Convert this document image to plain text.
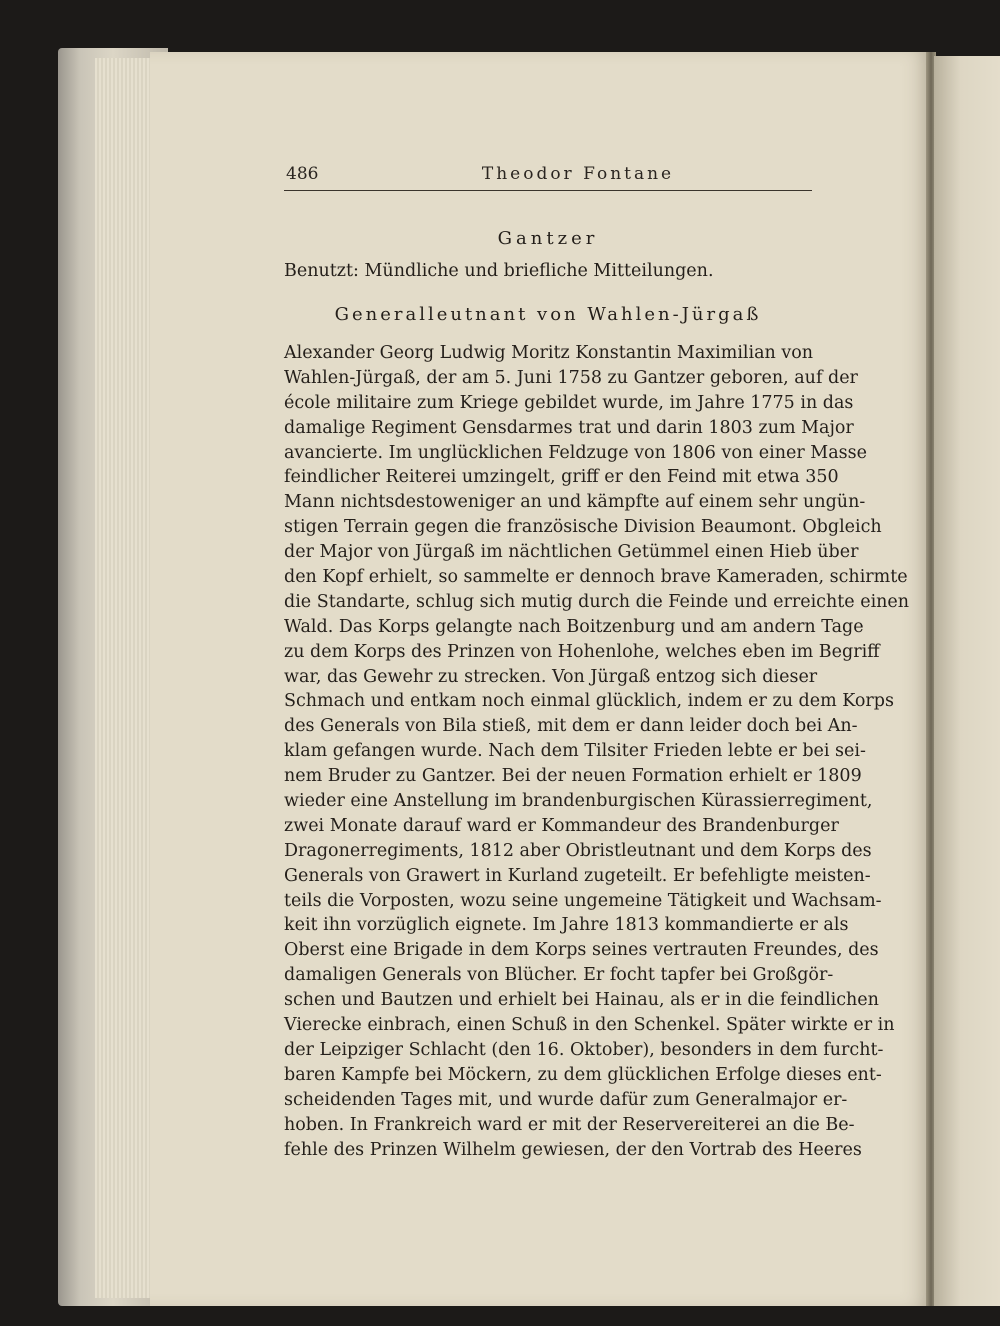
486	Theodor Fontane

Gantzer

Benutzt: Mündliche und briefliche Mitteilungen.

Generalleutnant von Wahlen-Jürgaß

Alexander Georg Ludwig Moritz Konstantin Maximilian von
Wahlen-Jürgaß, der am 5. Juni 1758 zu Gantzer geboren, auf der
école militaire zum Kriege gebildet wurde, im Jahre 1775 in das
damalige Regiment Gensdarmes trat und darin 1803 zum Major
avancierte. Im unglücklichen Feldzuge von 1806 von einer Masse
feindlicher Reiterei umzingelt, griff er den Feind mit etwa 350
Mann nichtsdestoweniger an und kämpfte auf einem sehr ungün-
stigen Terrain gegen die französische Division Beaumont. Obgleich
der Major von Jürgaß im nächtlichen Getümmel einen Hieb über
den Kopf erhielt, so sammelte er dennoch brave Kameraden, schirmte
die Standarte, schlug sich mutig durch die Feinde und erreichte einen
Wald. Das Korps gelangte nach Boitzenburg und am andern Tage
zu dem Korps des Prinzen von Hohenlohe, welches eben im Begriff
war, das Gewehr zu strecken. Von Jürgaß entzog sich dieser
Schmach und entkam noch einmal glücklich, indem er zu dem Korps
des Generals von Bila stieß, mit dem er dann leider doch bei An-
klam gefangen wurde. Nach dem Tilsiter Frieden lebte er bei sei-
nem Bruder zu Gantzer. Bei der neuen Formation erhielt er 1809
wieder eine Anstellung im brandenburgischen Kürassierregiment,
zwei Monate darauf ward er Kommandeur des Brandenburger
Dragonerregiments, 1812 aber Obristleutnant und dem Korps des
Generals von Grawert in Kurland zugeteilt. Er befehligte meisten-
teils die Vorposten, wozu seine ungemeine Tätigkeit und Wachsam-
keit ihn vorzüglich eignete. Im Jahre 1813 kommandierte er als
Oberst eine Brigade in dem Korps seines vertrauten Freundes, des
damaligen Generals von Blücher. Er focht tapfer bei Großgör-
schen und Bautzen und erhielt bei Hainau, als er in die feindlichen
Vierecke einbrach, einen Schuß in den Schenkel. Später wirkte er in
der Leipziger Schlacht (den 16. Oktober), besonders in dem furcht-
baren Kampfe bei Möckern, zu dem glücklichen Erfolge dieses ent-
scheidenden Tages mit, und wurde dafür zum Generalmajor er-
hoben. In Frankreich ward er mit der Reservereiterei an die Be-
fehle des Prinzen Wilhelm gewiesen, der den Vortrab des Heeres
